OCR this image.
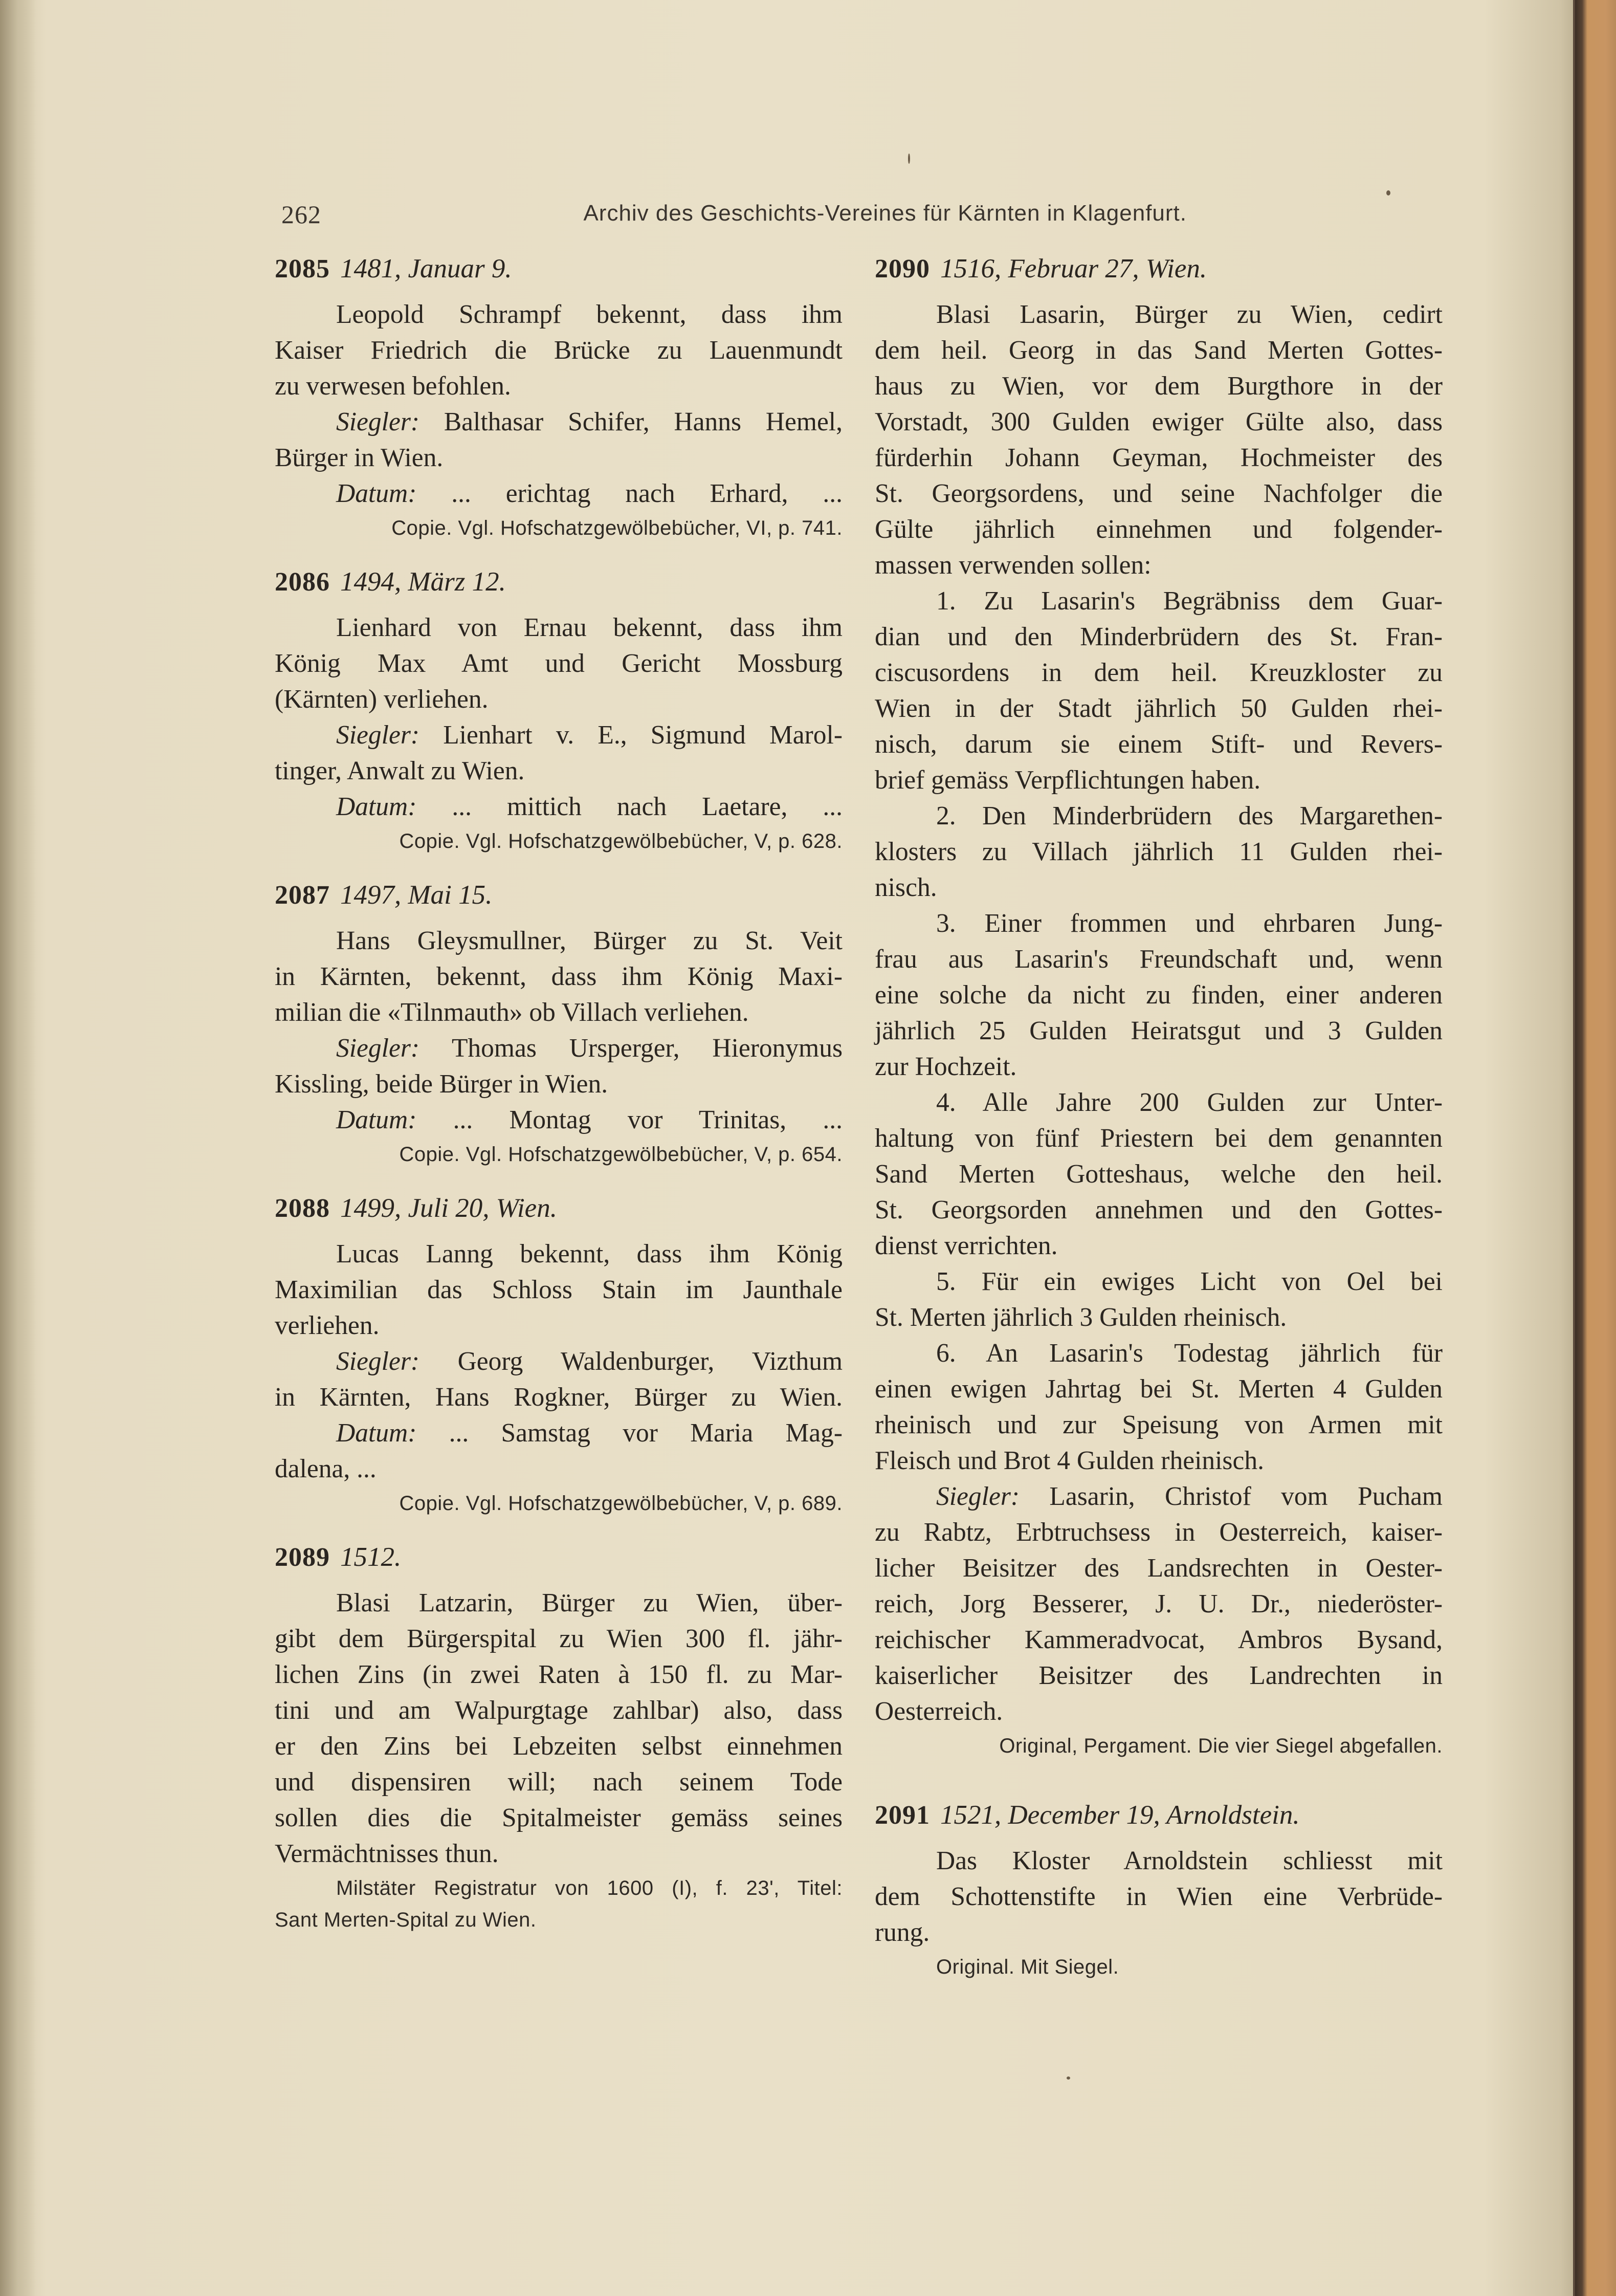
262	Archiv des Geschichts-Vereines für Kärnten in Klagenfurt.
2085 1481, Januar 9.

Leopold Schrampf bekennt, dass ihm

Kaiser Friedrich die Brücke zu Lauenmundt

zu verwesen befohlen.

Siegler: Balthasar Schifer, Hanns Hemel,

Bürger in Wien.

Datum: ... erichtag nach Erhard, ...

Copie. Vgl. Hofschatzgewölbebücher, VI, p. 741.

2086 1494, März 12.

Lienhard von Ernau bekennt, dass ihm

König Max Amt und Gericht Mossburg

(Kärnten) verliehen.

Siegler: Lienhart v. E., Sigmund Marol-

tinger, Anwalt zu Wien.

Datum: ... mittich nach Laetare, ...

Copie. Vgl. Hofschatzgewölbebücher, V, p. 628.

2087 1497, Mai 15.

Hans Gleysmullner, Bürger zu St. Veit

in Kärnten, bekennt, dass ihm König Maxi-

milian die «Tilnmauth» ob Villach verliehen.

Siegler: Thomas Ursperger, Hieronymus

Kissling, beide Bürger in Wien.

Datum: ... Montag vor Trinitas, ...

Copie. Vgl. Hofschatzgewölbebücher, V, p. 654.

2088 1499, Juli 20, Wien.

Lucas Lanng bekennt, dass ihm König

Maximilian das Schloss Stain im Jaunthale

verliehen.

Siegler: Georg Waldenburger, Vizthum

in Kärnten, Hans Rogkner, Bürger zu Wien.

Datum: ... Samstag vor Maria Mag-

dalena, ...

Copie. Vgl. Hofschatzgewölbebücher, V, p. 689.

2089 1512.

Blasi Latzarin, Bürger zu Wien, über-

gibt dem Bürgerspital zu Wien 300 fl. jähr-

lichen Zins (in zwei Raten à 150 fl. zu Mar-

tini und am Walpurgtage zahlbar) also, dass

er den Zins bei Lebzeiten selbst einnehmen

und dispensiren will; nach seinem Tode

sollen dies die Spitalmeister gemäss seines

Vermächtnisses thun.

Milstäter Registratur von 1600 (I), f. 23', Titel:

Sant Merten-Spital zu Wien.

2090 1516, Februar 27, Wien.

Blasi Lasarin, Bürger zu Wien, cedirt

dem heil. Georg in das Sand Merten Gottes-

haus zu Wien, vor dem Burgthore in der

Vorstadt, 300 Gulden ewiger Gülte also, dass

fürderhin Johann Geyman, Hochmeister des

St. Georgsordens, und seine Nachfolger die

Gülte jährlich einnehmen und folgender-

massen verwenden sollen:

1. Zu Lasarin's Begräbniss dem Guar-

dian und den Minderbrüdern des St. Fran-

ciscusordens in dem heil. Kreuzkloster zu

Wien in der Stadt jährlich 50 Gulden rhei-

nisch, darum sie einem Stift- und Revers-

brief gemäss Verpflichtungen haben.

2. Den Minderbrüdern des Margarethen-

klosters zu Villach jährlich 11 Gulden rhei-

nisch.

3. Einer frommen und ehrbaren Jung-

frau aus Lasarin's Freundschaft und, wenn

eine solche da nicht zu finden, einer anderen

jährlich 25 Gulden Heiratsgut und 3 Gulden

zur Hochzeit.

4. Alle Jahre 200 Gulden zur Unter-

haltung von fünf Priestern bei dem genannten

Sand Merten Gotteshaus, welche den heil.

St. Georgsorden annehmen und den Gottes-

dienst verrichten.

5. Für ein ewiges Licht von Oel bei

St. Merten jährlich 3 Gulden rheinisch.

6. An Lasarin's Todestag jährlich für

einen ewigen Jahrtag bei St. Merten 4 Gulden

rheinisch und zur Speisung von Armen mit

Fleisch und Brot 4 Gulden rheinisch.

Siegler: Lasarin, Christof vom Pucham

zu Rabtz, Erbtruchsess in Oesterreich, kaiser-

licher Beisitzer des Landsrechten in Oester-

reich, Jorg Besserer, J. U. Dr., niederöster-

reichischer Kammeradvocat, Ambros Bysand,

kaiserlicher Beisitzer des Landrechten in

Oesterreich.

Original, Pergament. Die vier Siegel abgefallen.

2091 1521, December 19, Arnoldstein.

Das Kloster Arnoldstein schliesst mit

dem Schottenstifte in Wien eine Verbrüde-

rung.

Original. Mit Siegel.
